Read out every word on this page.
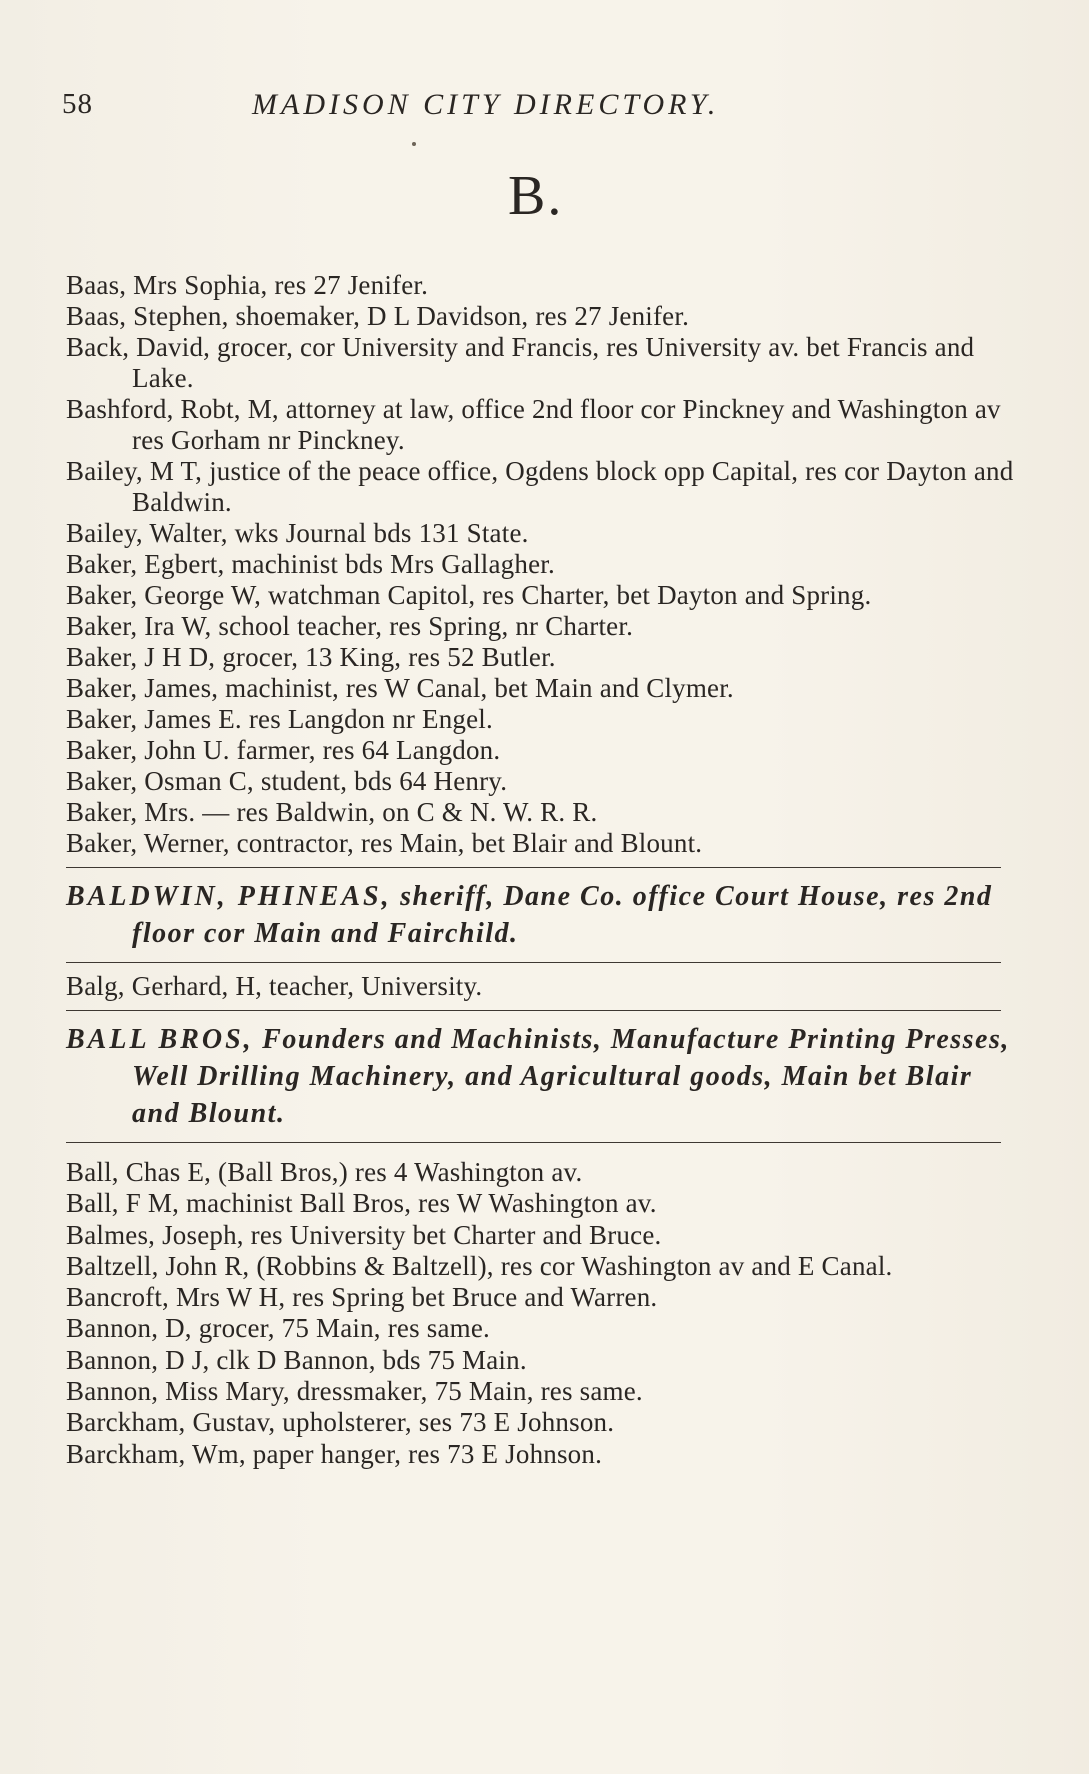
58	MADISON CITY DIRECTORY.
B.

Baas, Mrs Sophia, res 27 Jenifer.

Baas, Stephen, shoemaker, D L Davidson, res 27 Jenifer.

Back, David, grocer, cor University and Francis, res University av. bet Francis and Lake.

Bashford, Robt, M, attorney at law, office 2nd floor cor Pinckney and Washington av res Gorham nr Pinckney.

Bailey, M T, justice of the peace office, Ogdens block opp Capital, res cor Dayton and Baldwin.

Bailey, Walter, wks Journal bds 131 State.

Baker, Egbert, machinist bds Mrs Gallagher.

Baker, George W, watchman Capitol, res Charter, bet Dayton and Spring.

Baker, Ira W, school teacher, res Spring, nr Charter.

Baker, J H D, grocer, 13 King, res 52 Butler.

Baker, James, machinist, res W Canal, bet Main and Clymer.

Baker, James E. res Langdon nr Engel.

Baker, John U. farmer, res 64 Langdon.

Baker, Osman C, student, bds 64 Henry.

Baker, Mrs. — res Baldwin, on C & N. W. R. R.

Baker, Werner, contractor, res Main, bet Blair and Blount.

BALDWIN, PHINEAS, sheriff, Dane Co. office Court House, res 2nd floor cor Main and Fairchild.

Balg, Gerhard, H, teacher, University.

BALL BROS, Founders and Machinists, Manufacture Printing Presses, Well Drilling Machinery, and Agricultural goods, Main bet Blair and Blount.

Ball, Chas E, (Ball Bros,) res 4 Washington av.

Ball, F M, machinist Ball Bros, res W Washington av.

Balmes, Joseph, res University bet Charter and Bruce.

Baltzell, John R, (Robbins & Baltzell), res cor Washington av and E Canal.

Bancroft, Mrs W H, res Spring bet Bruce and Warren.

Bannon, D, grocer, 75 Main, res same.

Bannon, D J, clk D Bannon, bds 75 Main.

Bannon, Miss Mary, dressmaker, 75 Main, res same.

Barckham, Gustav, upholsterer, ses 73 E Johnson.

Barckham, Wm, paper hanger, res 73 E Johnson.
